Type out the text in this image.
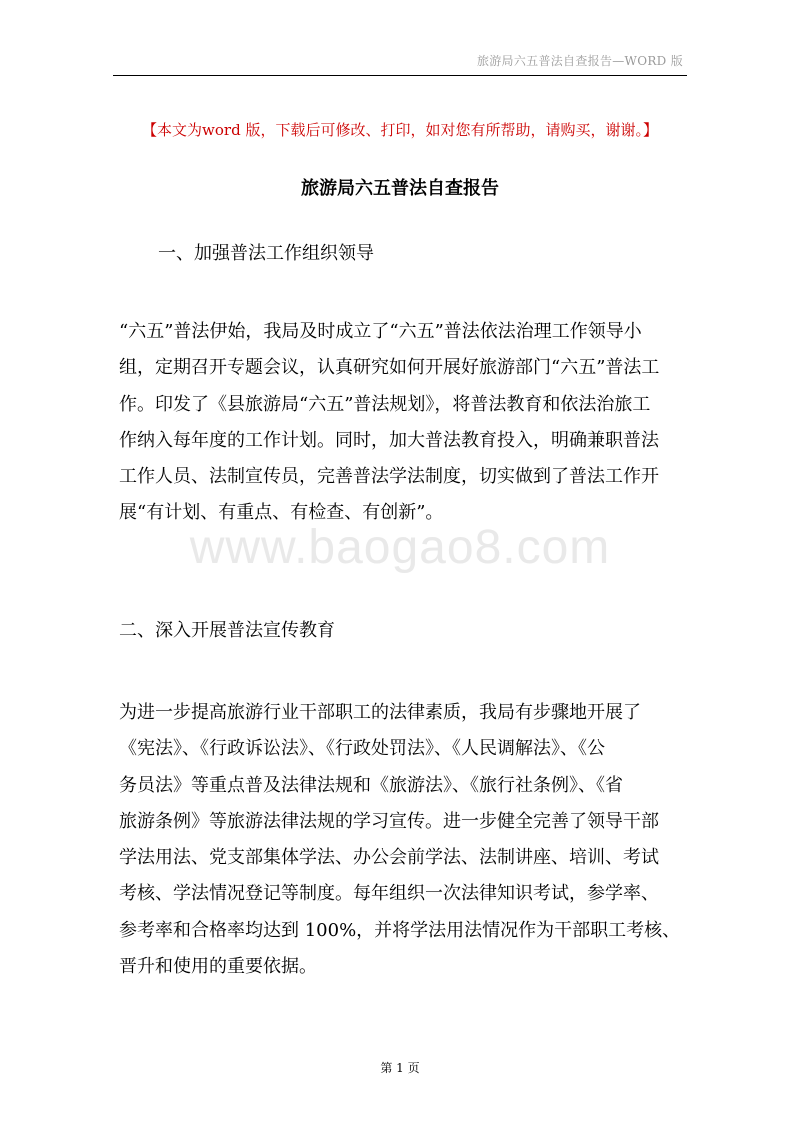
旅游局六五普法自查报告—WORD 版
【本文为word 版，下载后可修改、打印，如对您有所帮助，请购买，谢谢。】
旅游局六五普法自查报告
一、加强普法工作组织领导
“六五”普法伊始，我局及时成立了“六五”普法依法治理工作领导小
组，定期召开专题会议，认真研究如何开展好旅游部门“六五”普法工
作。印发了《县旅游局“六五”普法规划》，将普法教育和依法治旅工
作纳入每年度的工作计划。同时，加大普法教育投入，明确兼职普法
工作人员、法制宣传员，完善普法学法制度，切实做到了普法工作开
展“有计划、有重点、有检查、有创新”。
二、深入开展普法宣传教育
为进一步提高旅游行业干部职工的法律素质，我局有步骤地开展了
《宪法》、《行政诉讼法》、《行政处罚法》、《人民调解法》、《公
务员法》等重点普及法律法规和《旅游法》、《旅行社条例》、《省
旅游条例》等旅游法律法规的学习宣传。进一步健全完善了领导干部
学法用法、党支部集体学法、办公会前学法、法制讲座、培训、考试
考核、学法情况登记等制度。每年组织一次法律知识考试，参学率、
参考率和合格率均达到 100%，并将学法用法情况作为干部职工考核、
晋升和使用的重要依据。
www.baogao8.com
第 1 页
